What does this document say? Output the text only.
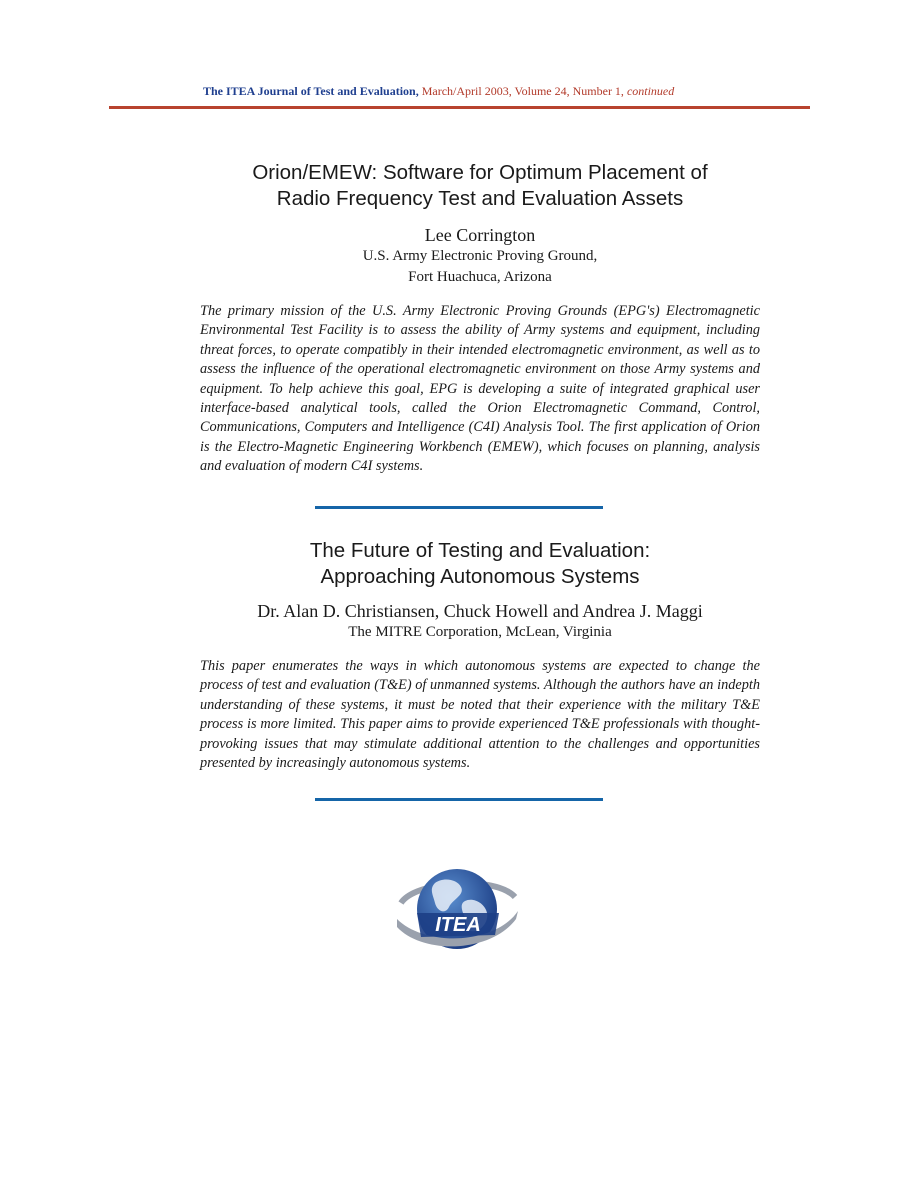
The ITEA Journal of Test and Evaluation, March/April 2003, Volume 24, Number 1, continued
Orion/EMEW: Software for Optimum Placement of
Radio Frequency Test and Evaluation Assets
Lee Corrington
U.S. Army Electronic Proving Ground,
Fort Huachuca, Arizona

The primary mission of the U.S. Army Electronic Proving Grounds (EPG's) Electromagnetic Environmental Test Facility is to assess the ability of Army systems and equipment, including threat forces, to operate compatibly in their intended electromagnetic environment, as well as to assess the influence of the operational electromagnetic environment on those Army systems and equipment. To help achieve this goal, EPG is developing a suite of integrated graphical user interface-based analytical tools, called the Orion Electromagnetic Command, Control, Communications, Computers and Intelligence (C4I) Analysis Tool. The first application of Orion is the Electro-Magnetic Engineering Workbench (EMEW), which focuses on planning, analysis and evaluation of modern C4I systems.

The Future of Testing and Evaluation:
Approaching Autonomous Systems
Dr. Alan D. Christiansen, Chuck Howell and Andrea J. Maggi
The MITRE Corporation, McLean, Virginia

This paper enumerates the ways in which autonomous systems are expected to change the process of test and evaluation (T&E) of unmanned systems. Although the authors have an indepth understanding of these systems, it must be noted that their experience with the military T&E process is more limited. This paper aims to provide experienced T&E professionals with thought-provoking issues that may stimulate additional attention to the challenges and opportunities presented by increasingly autonomous systems.

ITEA
